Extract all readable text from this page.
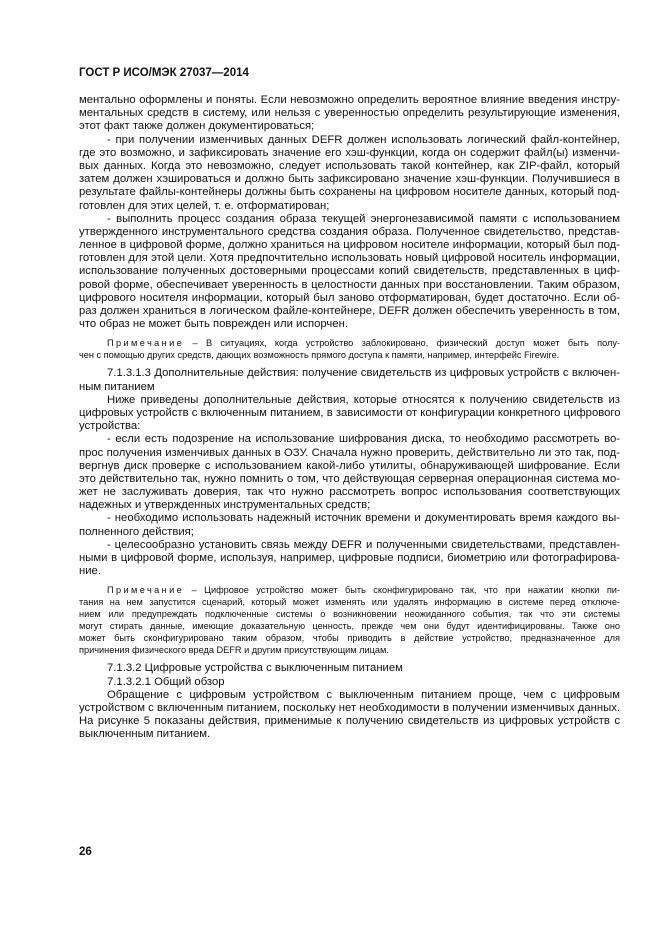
ГОСТ Р ИСО/МЭК 27037—2014
ментально оформлены и поняты. Если невозможно определить вероятное влияние введения инстру-
ментальных средств в систему, или нельзя с уверенностью определить результирующие изменения,
этот факт также должен документироваться;
- при получении изменчивых данных DEFR должен использовать логический файл-контейнер,
где это возможно, и зафиксировать значение его хэш-функции, когда он содержит файл(ы) изменчи-
вых данных. Когда это невозможно, следует использовать такой контейнер, как ZIP-файл, который
затем должен хэшироваться и должно быть зафиксировано значение хэш-функции. Получившиеся в
результате файлы-контейнеры должны быть сохранены на цифровом носителе данных, который под-
готовлен для этих целей, т. е. отформатирован;
- выполнить процесс создания образа текущей энергонезависимой памяти с использованием
утвержденного инструментального средства создания образа. Полученное свидетельство, представ-
ленное в цифровой форме, должно храниться на цифровом носителе информации, который был под-
готовлен для этой цели. Хотя предпочтительно использовать новый цифровой носитель информации,
использование полученных достоверными процессами копий свидетельств, представленных в циф-
ровой форме, обеспечивает уверенность в целостности данных при восстановлении. Таким образом,
цифрового носителя информации, который был заново отформатирован, будет достаточно. Если об-
раз должен храниться в логическом файле-контейнере, DEFR должен обеспечить уверенность в том,
что образ не может быть поврежден или испорчен.
Примечание – В ситуациях, когда устройство заблокировано, физический доступ может быть полу-
чен с помощью других средств, дающих возможность прямого доступа к памяти, например, интерфейс Firewire.
7.1.3.1.3 Дополнительные действия: получение свидетельств из цифровых устройств с включен-
ным питанием
Ниже приведены дополнительные действия, которые относятся к получению свидетельств из
цифровых устройств с включенным питанием, в зависимости от конфигурации конкретного цифрового
устройства:
- если есть подозрение на использование шифрования диска, то необходимо рассмотреть во-
прос получения изменчивых данных в ОЗУ. Сначала нужно проверить, действительно ли это так, под-
вергнув диск проверке с использованием какой-либо утилиты, обнаруживающей шифрование. Если
это действительно так, нужно помнить о том, что действующая серверная операционная система мо-
жет не заслуживать доверия, так что нужно рассмотреть вопрос использования соответствующих
надежных и утвержденных инструментальных средств;
- необходимо использовать надежный источник времени и документировать время каждого вы-
полненного действия;
- целесообразно установить связь между DEFR и полученными свидетельствами, представлен-
ными в цифровой форме, используя, например, цифровые подписи, биометрию или фотографирова-
ние.
Примечание – Цифровое устройство может быть сконфигурировано так, что при нажатии кнопки пи-
тания на нем запустится сценарий, который может изменять или удалять информацию в системе перед отключе-
нием или предупреждать подключенные системы о возникновении неожиданного события, так что эти системы
могут стирать данные, имеющие доказательную ценность, прежде чем они будут идентифицированы. Также оно
может быть сконфигурировано таким образом, чтобы приводить в действие устройство, предназначенное для
причинения физического вреда DEFR и другим присутствующим лицам.
7.1.3.2 Цифровые устройства с выключенным питанием
7.1.3.2.1 Общий обзор
Обращение с цифровым устройством с выключенным питанием проще, чем с цифровым
устройством с включенным питанием, поскольку нет необходимости в получении изменчивых данных.
На рисунке 5 показаны действия, применимые к получению свидетельств из цифровых устройств с
выключенным питанием.
26
